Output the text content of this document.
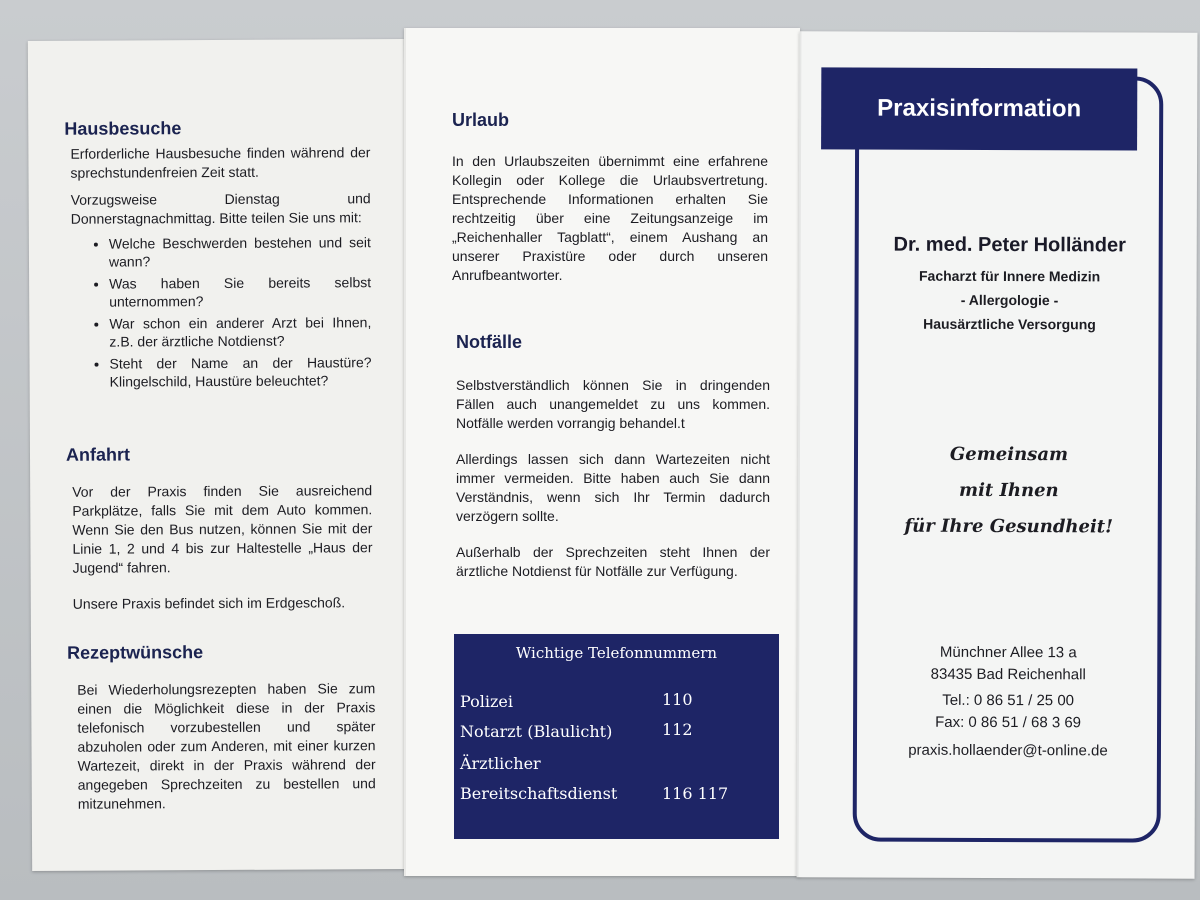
Hausbesuche

Erforderliche Hausbesuche finden während der sprechstundenfreien Zeit statt.

Vorzugsweise Dienstag und Donnerstagnachmittag. Bitte teilen Sie uns mit:

• Welche Beschwerden bestehen und seit wann?
• Was haben Sie bereits selbst unternommen?
• War schon ein anderer Arzt bei Ihnen, z.B. der ärztliche Notdienst?
• Steht der Name an der Haustüre? Klingelschild, Haustüre beleuchtet?
Anfahrt

Vor der Praxis finden Sie ausreichend Parkplätze, falls Sie mit dem Auto kommen. Wenn Sie den Bus nutzen, können Sie mit der Linie 1, 2 und 4 bis zur Haltestelle „Haus der Jugend“ fahren.

Unsere Praxis befindet sich im Erdgeschoß.

Rezeptwünsche

Bei Wiederholungsrezepten haben Sie zum einen die Möglichkeit diese in der Praxis telefonisch vorzubestellen und später abzuholen oder zum Anderen, mit einer kurzen Wartezeit, direkt in der Praxis während der angegeben Sprechzeiten zu bestellen und mitzunehmen.

Urlaub

In den Urlaubszeiten übernimmt eine erfahrene Kollegin oder Kollege die Urlaubsvertretung. Entsprechende Informationen erhalten Sie rechtzeitig über eine Zeitungsanzeige im „Reichenhaller Tagblatt“, einem Aushang an unserer Praxistüre oder durch unseren Anrufbeantworter.

Notfälle

Selbstverständlich können Sie in dringenden Fällen auch unangemeldet zu uns kommen. Notfälle werden vorrangig behandel.t

Allerdings lassen sich dann Wartezeiten nicht immer vermeiden. Bitte haben auch Sie dann Verständnis, wenn sich Ihr Termin dadurch verzögern sollte.

Außerhalb der Sprechzeiten steht Ihnen der ärztliche Notdienst für Notfälle zur Verfügung.

Wichtige Telefonnummern
Polizei	110
Notarzt (Blaulicht)	112
Ärztlicher
Bereitschaftsdienst	116 117
Praxisinformation
Dr. med. Peter Holländer
Facharzt für Innere Medizin
- Allergologie -
Hausärztliche Versorgung
Gemeinsam
mit Ihnen
für Ihre Gesundheit!
Münchner Allee 13 a
83435 Bad Reichenhall
Tel.: 0 86 51 / 25 00
Fax: 0 86 51 / 68 3 69
praxis.hollaender@t-online.de
